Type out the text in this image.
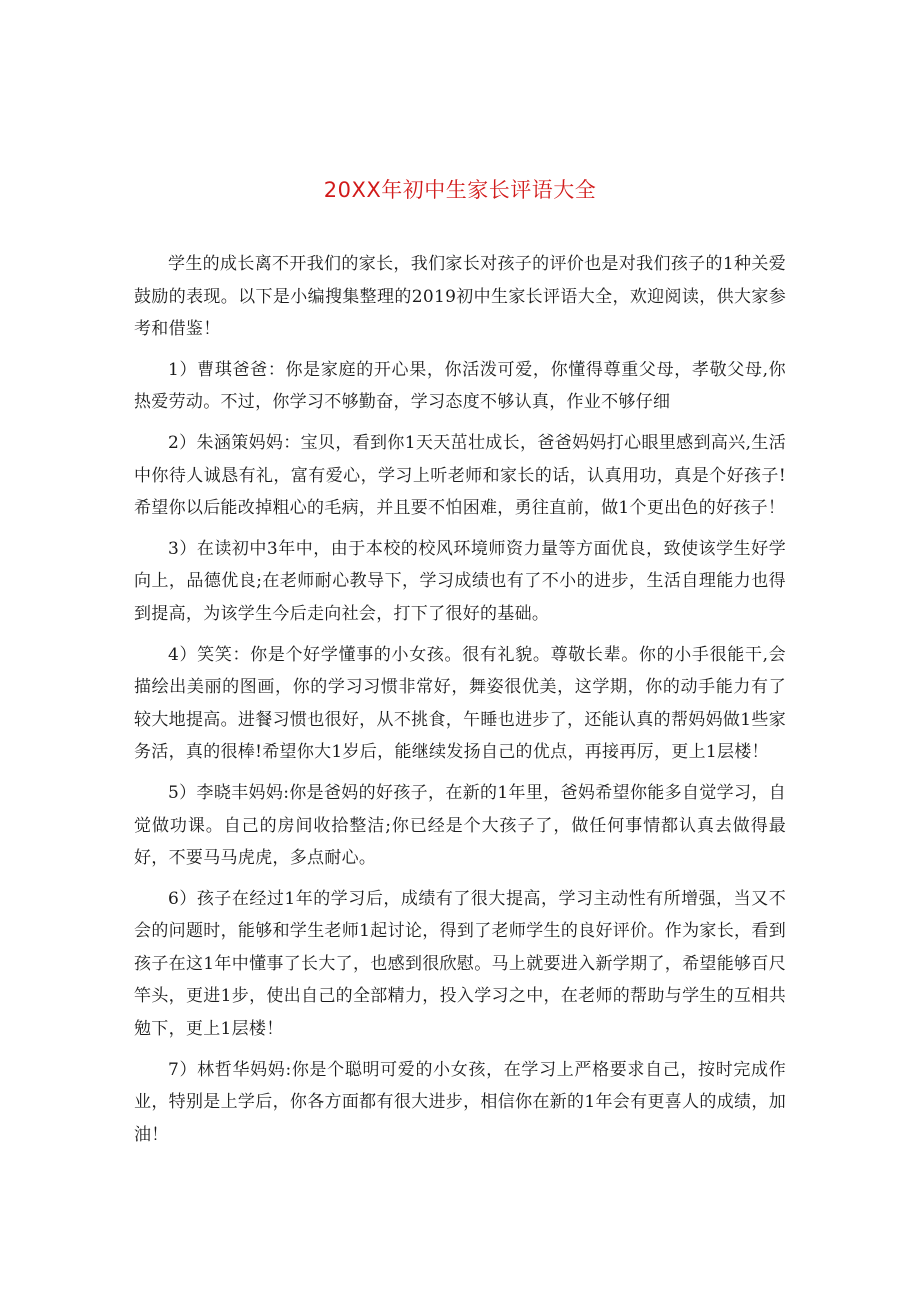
20XX年初中生家长评语大全

学生的成长离不开我们的家长，我们家长对孩子的评价也是对我们孩子的1种关爱鼓励的表现。以下是小编搜集整理的2019初中生家长评语大全，欢迎阅读，供大家参考和借鉴！

1）曹琪爸爸：你是家庭的开心果，你活泼可爱，你懂得尊重父母，孝敬父母,你热爱劳动。不过，你学习不够勤奋，学习态度不够认真，作业不够仔细

2）朱涵策妈妈：宝贝，看到你1天天茁壮成长，爸爸妈妈打心眼里感到高兴,生活中你待人诚恳有礼，富有爱心，学习上听老师和家长的话，认真用功，真是个好孩子!希望你以后能改掉粗心的毛病，并且要不怕困难，勇往直前，做1个更出色的好孩子！

3）在读初中3年中，由于本校的校风环境师资力量等方面优良，致使该学生好学向上，品德优良;在老师耐心教导下，学习成绩也有了不小的进步，生活自理能力也得到提高，为该学生今后走向社会，打下了很好的基础。

4）笑笑：你是个好学懂事的小女孩。很有礼貌。尊敬长辈。你的小手很能干,会描绘出美丽的图画，你的学习习惯非常好，舞姿很优美，这学期，你的动手能力有了较大地提高。进餐习惯也很好，从不挑食，午睡也进步了，还能认真的帮妈妈做1些家务活，真的很棒!希望你大1岁后，能继续发扬自己的优点，再接再厉，更上1层楼！

5）李晓丰妈妈:你是爸妈的好孩子，在新的1年里，爸妈希望你能多自觉学习，自觉做功课。自己的房间收拾整洁;你已经是个大孩子了，做任何事情都认真去做得最好，不要马马虎虎，多点耐心。

6）孩子在经过1年的学习后，成绩有了很大提高，学习主动性有所增强，当又不会的问题时，能够和学生老师1起讨论，得到了老师学生的良好评价。作为家长，看到孩子在这1年中懂事了长大了，也感到很欣慰。马上就要进入新学期了，希望能够百尺竿头，更进1步，使出自己的全部精力，投入学习之中，在老师的帮助与学生的互相共勉下，更上1层楼！

7）林哲华妈妈:你是个聪明可爱的小女孩，在学习上严格要求自己，按时完成作业，特别是上学后，你各方面都有很大进步，相信你在新的1年会有更喜人的成绩，加油！
